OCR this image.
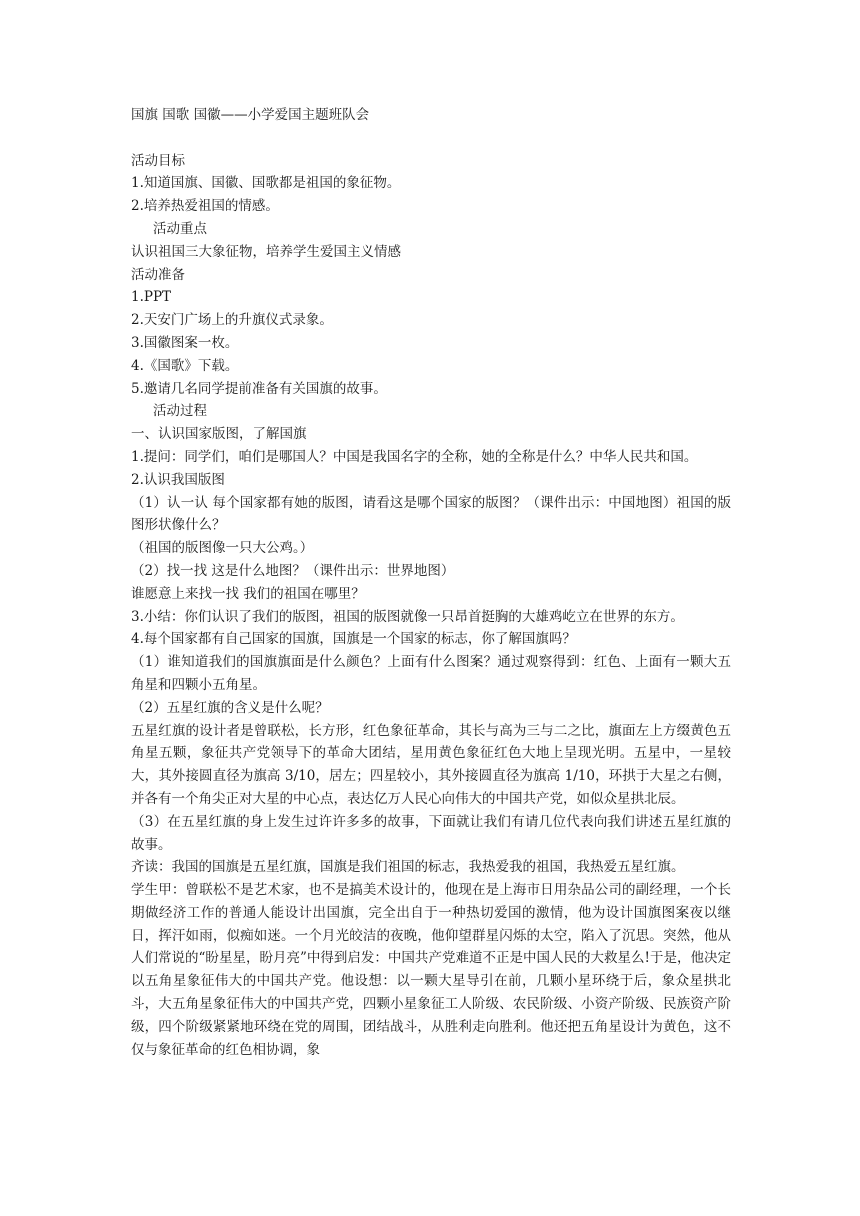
国旗 国歌 国徽——小学爱国主题班队会

活动目标

1.知道国旗、国徽、国歌都是祖国的象征物。

2.培养热爱祖国的情感。

活动重点

认识祖国三大象征物，培养学生爱国主义情感

活动准备

1.PPT

2.天安门广场上的升旗仪式录象。

3.国徽图案一枚。

4.《国歌》下载。

5.邀请几名同学提前准备有关国旗的故事。

活动过程

一、认识国家版图，了解国旗

1.提问：同学们，咱们是哪国人？中国是我国名字的全称，她的全称是什么？中华人民共和国。

2.认识我国版图

（1）认一认 每个国家都有她的版图，请看这是哪个国家的版图？（课件出示：中国地图）祖国的版图形状像什么？

（祖国的版图像一只大公鸡。）

（2）找一找 这是什么地图？（课件出示：世界地图）

谁愿意上来找一找 我们的祖国在哪里？

3.小结：你们认识了我们的版图，祖国的版图就像一只昂首挺胸的大雄鸡屹立在世界的东方。

4.每个国家都有自己国家的国旗，国旗是一个国家的标志，你了解国旗吗？

（1）谁知道我们的国旗旗面是什么颜色？上面有什么图案？通过观察得到：红色、上面有一颗大五角星和四颗小五角星。

（2）五星红旗的含义是什么呢？

五星红旗的设计者是曾联松，长方形，红色象征革命，其长与高为三与二之比，旗面左上方缀黄色五角星五颗，象征共产党领导下的革命大团结，星用黄色象征红色大地上呈现光明。五星中，一星较大，其外接圆直径为旗高 3/10，居左；四星较小，其外接圆直径为旗高 1/10，环拱于大星之右侧，并各有一个角尖正对大星的中心点，表达亿万人民心向伟大的中国共产党，如似众星拱北辰。

（3）在五星红旗的身上发生过许许多多的故事，下面就让我们有请几位代表向我们讲述五星红旗的故事。

齐读：我国的国旗是五星红旗，国旗是我们祖国的标志，我热爱我的祖国，我热爱五星红旗。

学生甲：曾联松不是艺术家，也不是搞美术设计的，他现在是上海市日用杂品公司的副经理，一个长期做经济工作的普通人能设计出国旗，完全出自于一种热切爱国的激情，他为设计国旗图案夜以继日，挥汗如雨，似痴如迷。一个月光皎洁的夜晚，他仰望群星闪烁的太空，陷入了沉思。突然，他从人们常说的“盼星星，盼月亮”中得到启发：中国共产党难道不正是中国人民的大救星么!于是，他决定以五角星象征伟大的中国共产党。他设想：以一颗大星导引在前，几颗小星环绕于后，象众星拱北斗，大五角星象征伟大的中国共产党，四颗小星象征工人阶级、农民阶级、小资产阶级、民族资产阶级，四个阶级紧紧地环绕在党的周围，团结战斗，从胜利走向胜利。他还把五角星设计为黄色，这不仅与象征革命的红色相协调，象
